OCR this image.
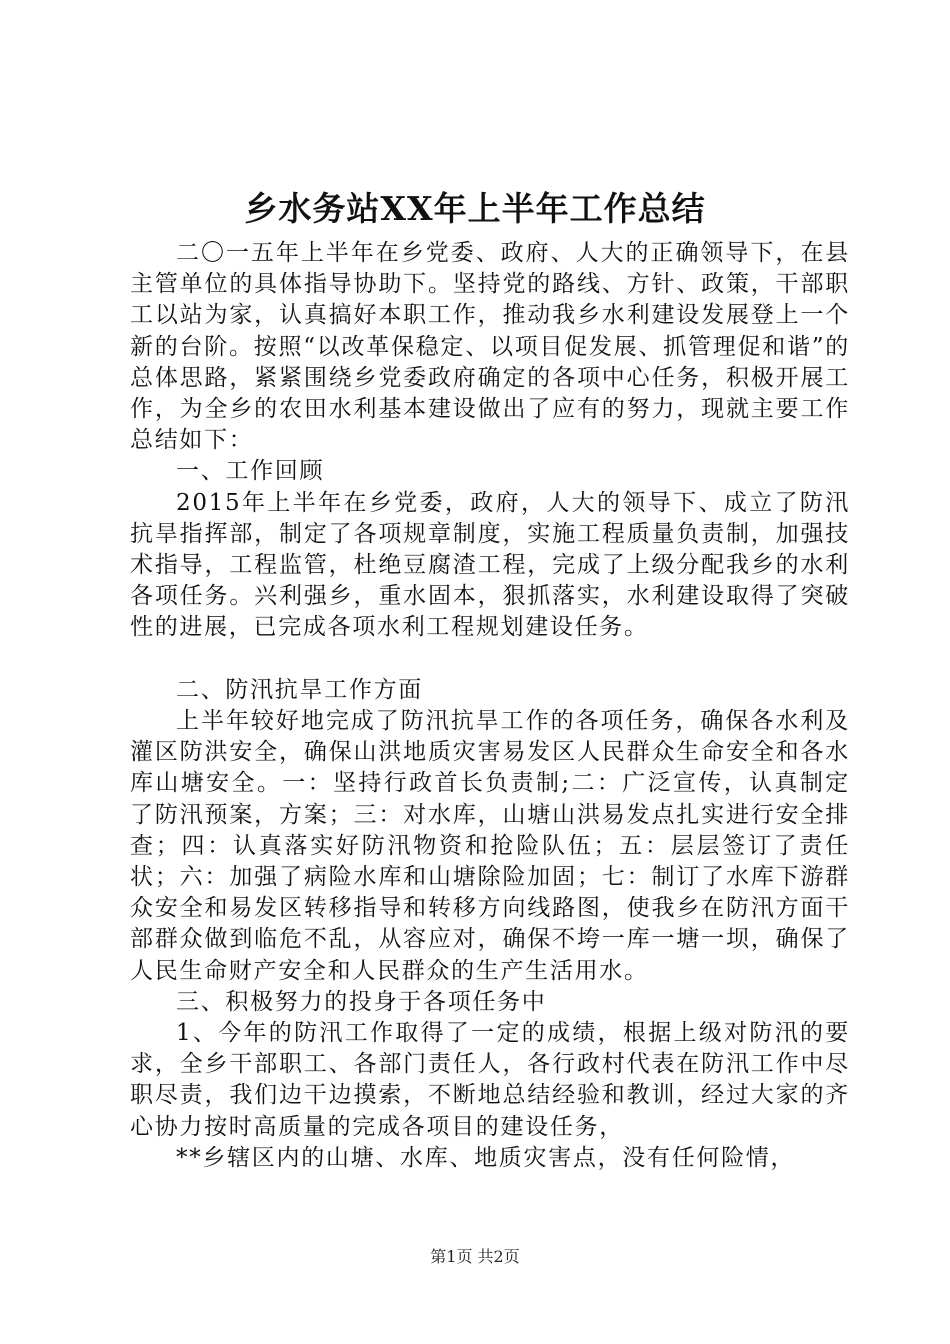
乡水务站XX年上半年工作总结

二〇一五年上半年在乡党委、政府、人大的正确领导下，在县主管单位的具体指导协助下。坚持党的路线、方针、政策，干部职工以站为家，认真搞好本职工作，推动我乡水利建设发展登上一个新的台阶。按照“以改革保稳定、以项目促发展、抓管理促和谐”的总体思路，紧紧围绕乡党委政府确定的各项中心任务，积极开展工作，为全乡的农田水利基本建设做出了应有的努力，现就主要工作总结如下：

一、工作回顾

2015年上半年在乡党委，政府，人大的领导下、成立了防汛抗旱指挥部，制定了各项规章制度，实施工程质量负责制，加强技术指导，工程监管，杜绝豆腐渣工程，完成了上级分配我乡的水利各项任务。兴利强乡，重水固本，狠抓落实，水利建设取得了突破性的进展，已完成各项水利工程规划建设任务。

二、防汛抗旱工作方面

上半年较好地完成了防汛抗旱工作的各项任务，确保各水利及灌区防洪安全，确保山洪地质灾害易发区人民群众生命安全和各水库山塘安全。一：坚持行政首长负责制;二：广泛宣传，认真制定了防汛预案，方案；三：对水库，山塘山洪易发点扎实进行安全排查；四：认真落实好防汛物资和抢险队伍；五：层层签订了责任状；六：加强了病险水库和山塘除险加固；七：制订了水库下游群众安全和易发区转移指导和转移方向线路图，使我乡在防汛方面干部群众做到临危不乱，从容应对，确保不垮一库一塘一坝，确保了人民生命财产安全和人民群众的生产生活用水。

三、积极努力的投身于各项任务中

1、今年的防汛工作取得了一定的成绩，根据上级对防汛的要求，全乡干部职工、各部门责任人，各行政村代表在防汛工作中尽职尽责，我们边干边摸索，不断地总结经验和教训，经过大家的齐心协力按时高质量的完成各项目的建设任务，

**乡辖区内的山塘、水库、地质灾害点，没有任何险情，

第1页 共2页
